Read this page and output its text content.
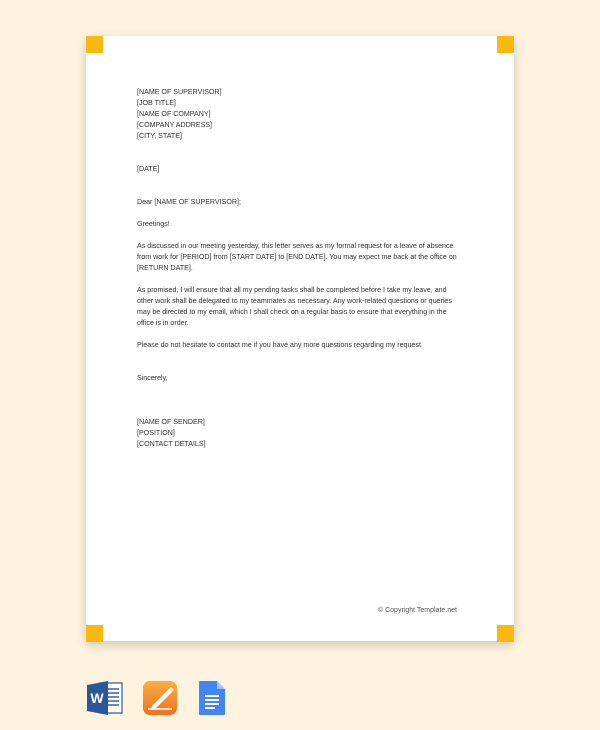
[NAME OF SUPERVISOR]
[JOB TITLE]
[NAME OF COMPANY]
[COMPANY ADDRESS]
[CITY, STATE]
[DATE]
Dear [NAME OF SUPERVISOR];
Greetings!
As discussed in our meeting yesterday, this letter serves as my formal request for a leave of absence
from work for [PERIOD] from [START DATE] to [END DATE]. You may expect me back at the office on
[RETURN DATE].
As promised, I will ensure that all my pending tasks shall be completed before I take my leave, and
other work shall be delegated to my teammates as necessary. Any work-related questions or queries
may be directed to my email, which I shall check on a regular basis to ensure that everything in the
office is in order.
Please do not hesitate to contact me if you have any more questions regarding my request.
Sincerely,
[NAME OF SENDER]
[POSITION]
[CONTACT DETAILS]
© Copyright Template.net
W
